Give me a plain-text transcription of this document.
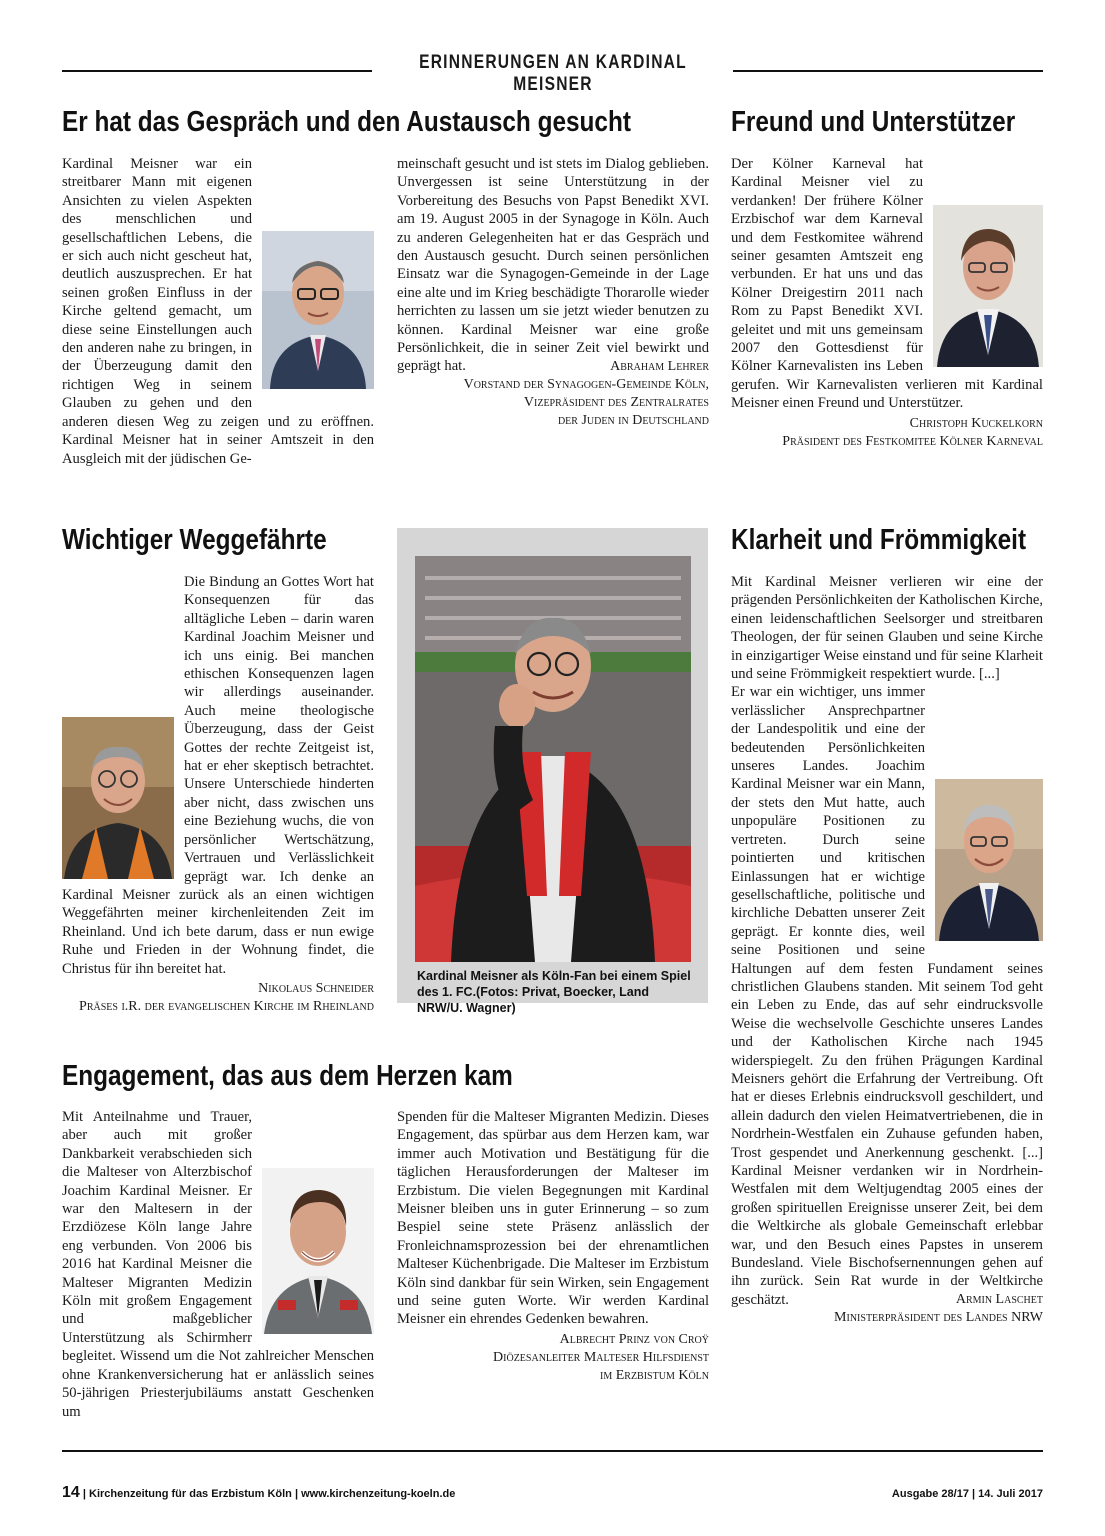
ERINNERUNGEN AN KARDINAL MEISNER
Er hat das Gespräch und den Austausch gesucht

Kardinal Meisner war ein streitbarer Mann mit eigenen Ansichten zu vielen Aspekten des menschlichen und gesellschaftlichen Lebens, die er sich auch nicht gescheut hat, deutlich auszusprechen. Er hat seinen großen Einfluss in der Kirche geltend gemacht, um diese seine Einstellungen auch den anderen nahe zu bringen, in der Überzeugung damit den richtigen Weg in seinem Glauben zu gehen und den anderen diesen Weg zu zeigen und zu eröffnen. Kardinal Meisner hat in seiner Amtszeit in den Ausgleich mit der jüdischen Ge-

meinschaft gesucht und ist stets im Dialog geblieben. Unvergessen ist seine Unterstützung in der Vorbereitung des Besuchs von Papst Benedikt XVI. am 19. August 2005 in der Synagoge in Köln. Auch zu anderen Gelegenheiten hat er das Gespräch und den Austausch gesucht. Durch seinen persönlichen Einsatz war die Synagogen-Gemeinde in der Lage eine alte und im Krieg beschädigte Thorarolle wieder herrichten zu lassen um sie jetzt wieder benutzen zu können. Kardinal Meisner war eine große Persönlichkeit, die in seiner Zeit viel bewirkt und geprägt hat.	Abraham Lehrer
Vorstand der Synagogen-Gemeinde Köln,
Vizepräsident des Zentralrates
der Juden in Deutschland
Freund und Unterstützer

Der Kölner Karneval hat Kardinal Meisner viel zu verdanken! Der frühere Kölner Erzbischof war dem Karneval und dem Festkomitee während seiner gesamten Amtszeit eng verbunden. Er hat uns und das Kölner Dreigestirn 2011 nach Rom zu Papst Benedikt XVI. geleitet und mit uns gemeinsam 2007 den Gottesdienst für Kölner Karnevalisten ins Leben gerufen. Wir Karnevalisten verlieren mit Kardinal Meisner einen Freund und Unterstützer.

Christoph Kuckelkorn
Präsident des Festkomitee Kölner Karneval
Wichtiger Weggefährte

Die Bindung an Gottes Wort hat Konsequenzen für das alltägliche Leben – darin waren Kardinal Joachim Meisner und ich uns einig. Bei manchen ethischen Konsequenzen lagen wir allerdings auseinander. Auch meine theologische Überzeugung, dass der Geist Gottes der rechte Zeitgeist ist, hat er eher skeptisch betrachtet. Unsere Unterschiede hinderten aber nicht, dass zwischen uns eine Beziehung wuchs, die von persönlicher Wertschätzung, Vertrauen und Verlässlichkeit geprägt war. Ich denke an Kardinal Meisner zurück als an einen wichtigen Weggefährten meiner kirchenleitenden Zeit im Rheinland. Und ich bete darum, dass er nun ewige Ruhe und Frieden in der Wohnung findet, die Christus für ihn bereitet hat.

Nikolaus Schneider
Präses i.R. der evangelischen Kirche im Rheinland
Kardinal Meisner als Köln-Fan bei einem Spiel des 1. FC.(Fotos: Privat, Boecker, Land NRW/U. Wagner)
Klarheit und Frömmigkeit

Mit Kardinal Meisner verlieren wir eine der prägenden Persönlichkeiten der Katholischen Kirche, einen leidenschaftlichen Seelsorger und streitbaren Theologen, der für seinen Glauben und seine Kirche in einzigartiger Weise einstand und für seine Klarheit und seine Frömmigkeit respektiert wurde. [...]

Er war ein wichtiger, uns immer verlässlicher Ansprechpartner der Landespolitik und eine der bedeutenden Persönlichkeiten unseres Landes. Joachim Kardinal Meisner war ein Mann, der stets den Mut hatte, auch unpopuläre Positionen zu vertreten. Durch seine pointierten und kritischen Einlassungen hat er wichtige gesellschaftliche, politische und kirchliche Debatten unserer Zeit geprägt. Er konnte dies, weil seine Positionen und seine Haltungen auf dem festen Fundament seines christlichen Glaubens standen. Mit seinem Tod geht ein Leben zu Ende, das auf sehr eindrucksvolle Weise die wechselvolle Geschichte unseres Landes und der Katholischen Kirche nach 1945 widerspiegelt. Zu den frühen Prägungen Kardinal Meisners gehört die Erfahrung der Vertreibung. Oft hat er dieses Erlebnis eindrucksvoll geschildert, und allein dadurch den vielen Heimatvertriebenen, die in Nordrhein-Westfalen ein Zuhause gefunden haben, Trost gespendet und Anerkennung geschenkt. [...] Kardinal Meisner verdanken wir in Nordrhein-Westfalen mit dem Weltjugendtag 2005 eines der großen spirituellen Ereignisse unserer Zeit, bei dem die Weltkirche als globale Gemeinschaft erlebbar war, und den Besuch eines Papstes in unserem Bundesland. Viele Bischofsernennungen gehen auf ihn zurück. Sein Rat wurde in der Weltkirche geschätzt.	Armin Laschet
Ministerpräsident des Landes NRW
Engagement, das aus dem Herzen kam

Mit Anteilnahme und Trauer, aber auch mit großer Dankbarkeit verabschieden sich die Malteser von Alterzbischof Joachim Kardinal Meisner. Er war den Maltesern in der Erzdiözese Köln lange Jahre eng verbunden. Von 2006 bis 2016 hat Kardinal Meisner die Malteser Migranten Medizin Köln mit großem Engagement und maßgeblicher Unterstützung als Schirmherr begleitet. Wissend um die Not zahlreicher Menschen ohne Krankenversicherung hat er anlässlich seines 50-jährigen Priesterjubiläums anstatt Geschenken um

Spenden für die Malteser Migranten Medizin. Dieses Engagement, das spürbar aus dem Herzen kam, war immer auch Motivation und Bestätigung für die täglichen Herausforderungen der Malteser im Erzbistum. Die vielen Begegnungen mit Kardinal Meisner bleiben uns in guter Erinnerung – so zum Bespiel seine stete Präsenz anlässlich der Fronleichnamsprozession bei der ehrenamtlichen Malteser Küchenbrigade. Die Malteser im Erzbistum Köln sind dankbar für sein Wirken, sein Engagement und seine guten Worte. Wir werden Kardinal Meisner ein ehrendes Gedenken bewahren.

Albrecht Prinz von Croÿ
Diözesanleiter Malteser Hilfsdienst
im Erzbistum Köln
14 | Kirchenzeitung für das Erzbistum Köln | www.kirchenzeitung-koeln.de	Ausgabe 28/17 | 14. Juli 2017
